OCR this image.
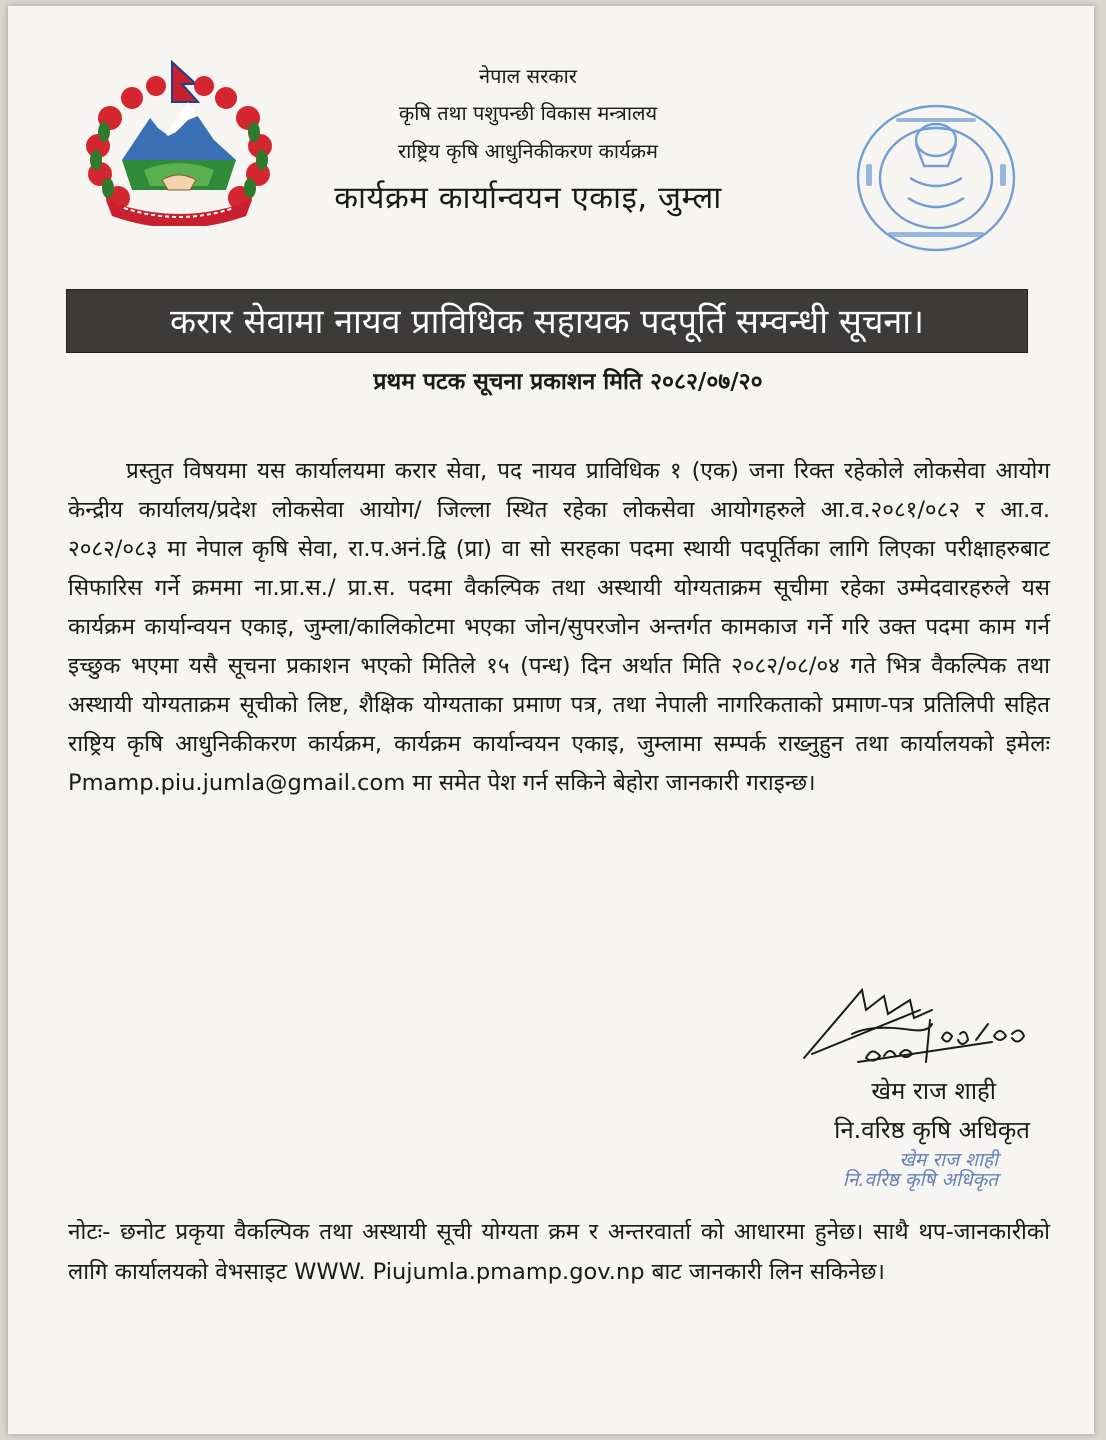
नेपाल सरकार
कृषि तथा पशुपन्छी विकास मन्त्रालय
राष्ट्रिय कृषि आधुनिकीकरण कार्यक्रम
कार्यक्रम कार्यान्वयन एकाइ, जुम्ला
करार सेवामा नायव प्राविधिक सहायक पदपूर्ति सम्वन्धी सूचना।
प्रथम पटक सूचना प्रकाशन मिति २०८२/०७/२०
प्रस्तुत विषयमा यस कार्यालयमा करार सेवा, पद नायव प्राविधिक १ (एक) जना रिक्त रहेकोले लोकसेवा आयोग केन्द्रीय कार्यालय/प्रदेश लोकसेवा आयोग/ जिल्ला स्थित रहेका लोकसेवा आयोगहरुले आ.व.२०८१/०८२ र आ.व. २०८२/०८३ मा नेपाल कृषि सेवा, रा.प.अनं.द्वि (प्रा) वा सो सरहका पदमा स्थायी पदपूर्तिका लागि लिएका परीक्षाहरुबाट सिफारिस गर्ने क्रममा ना.प्रा.स./ प्रा.स. पदमा वैकल्पिक तथा अस्थायी योग्यताक्रम सूचीमा रहेका उम्मेदवारहरुले यस कार्यक्रम कार्यान्वयन एकाइ, जुम्ला/कालिकोटमा भएका जोन/सुपरजोन अन्तर्गत कामकाज गर्ने गरि उक्त पदमा काम गर्न इच्छुक भएमा यसै सूचना प्रकाशन भएको मितिले १५ (पन्ध) दिन अर्थात मिति २०८२/०८/०४ गते भित्र वैकल्पिक तथा अस्थायी योग्यताक्रम सूचीको लिष्ट, शैक्षिक योग्यताका प्रमाण पत्र, तथा नेपाली नागरिकताको प्रमाण-पत्र प्रतिलिपी सहित राष्ट्रिय कृषि आधुनिकीकरण कार्यक्रम, कार्यक्रम कार्यान्वयन एकाइ, जुम्लामा सम्पर्क राख्नुहुन तथा कार्यालयको इमेलः Pmamp.piu.jumla@gmail.com मा समेत पेश गर्न सकिने बेहोरा जानकारी गराइन्छ।
खेम राज शाही
नि.वरिष्ठ कृषि अधिकृत
खेम राज शाही
नि.वरिष्ठ कृषि अधिकृत
नोटः- छनोट प्रकृया वैकल्पिक तथा अस्थायी सूची योग्यता क्रम र अन्तरवार्ता को आधारमा हुनेछ। साथै थप-जानकारीको लागि कार्यालयको वेभसाइट WWW. Piujumla.pmamp.gov.np बाट जानकारी लिन सकिनेछ।
